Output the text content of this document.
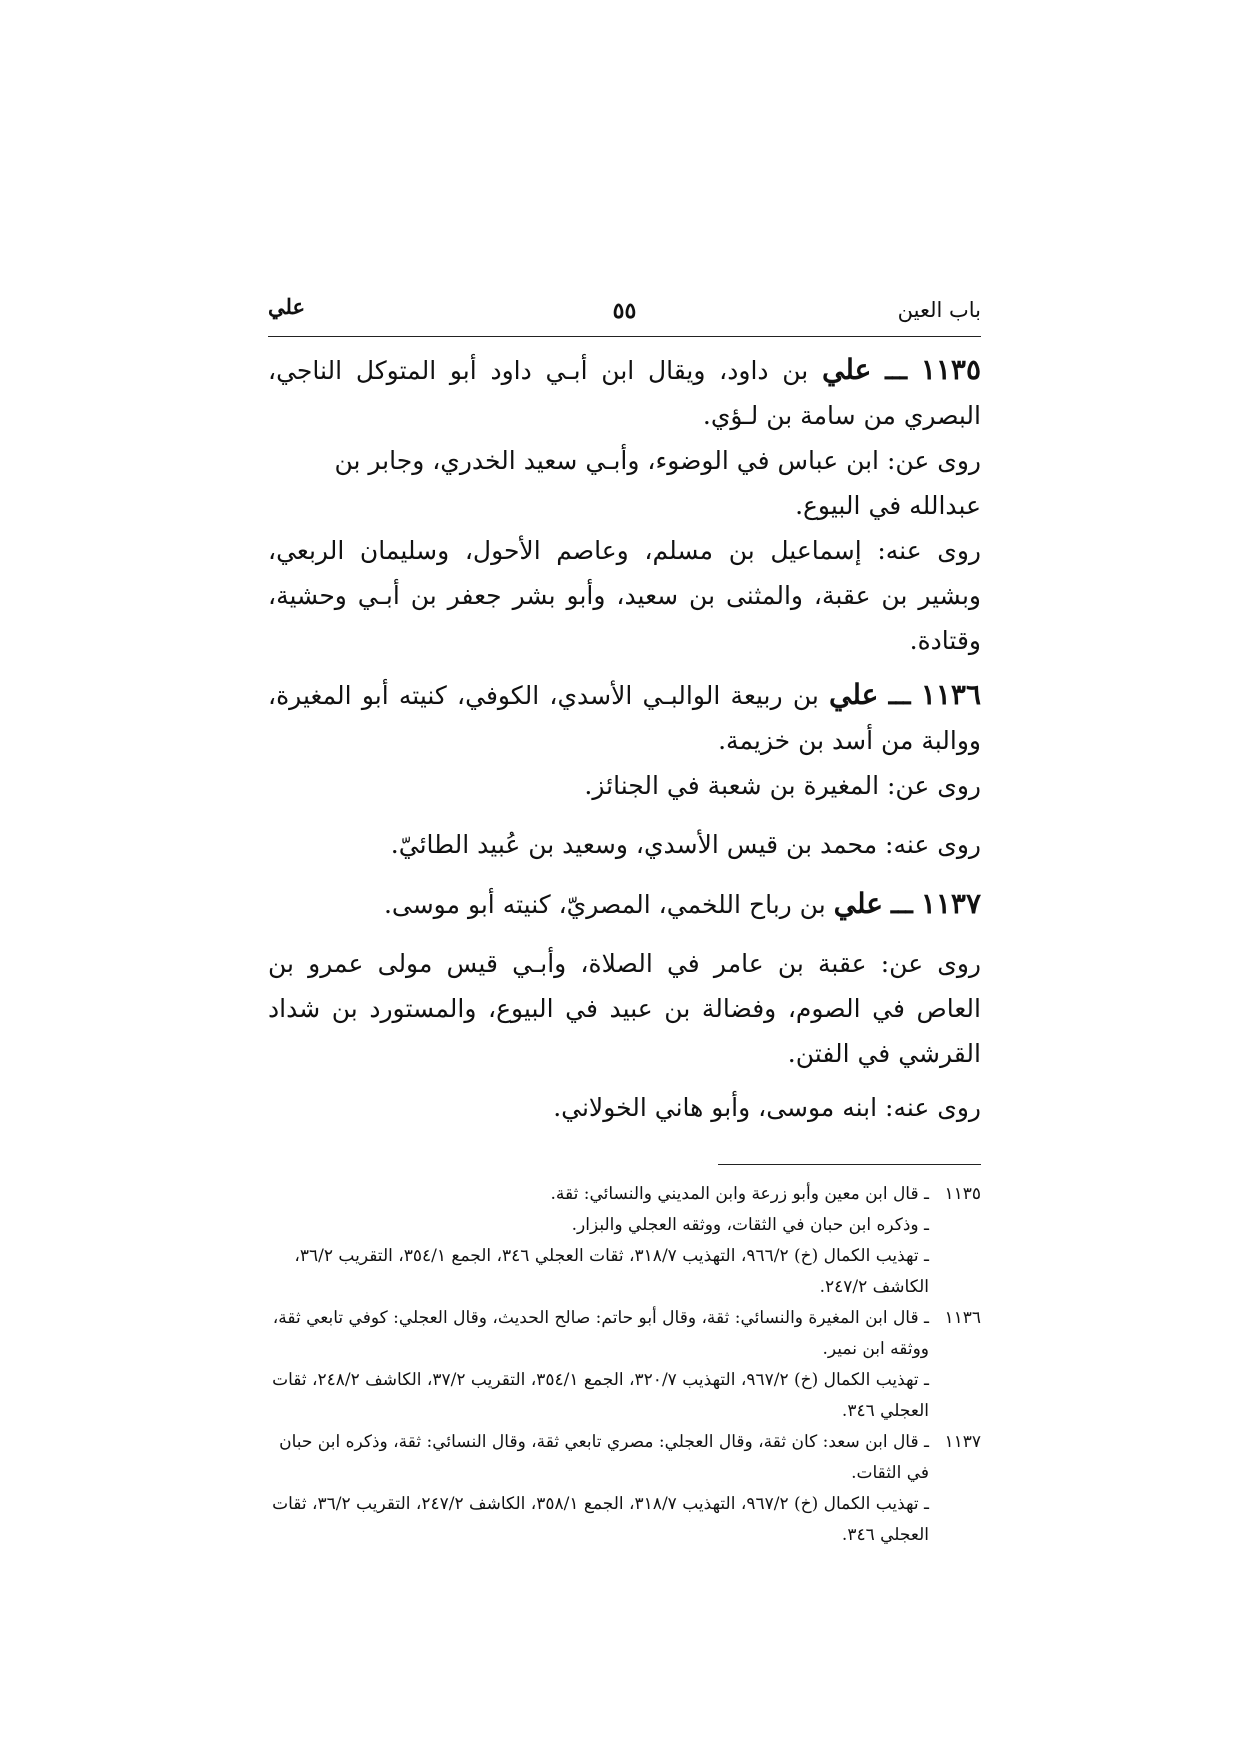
باب العين
٥٥
علي

١١٣٥ ـــ علي بن داود، ويقال ابن أبـي داود أبو المتوكل الناجي، البصري من سامة بن لـؤي.

روى عن: ابن عباس في الوضوء، وأبـي سعيد الخدري، وجابر بن عبدالله في البيوع.

روى عنه: إسماعيل بن مسلم، وعاصم الأحول، وسليمان الربعي، وبشير بن عقبة، والمثنى بن سعيد، وأبو بشر جعفر بن أبـي وحشية، وقتادة.

١١٣٦ ـــ علي بن ربيعة الوالبـي الأسدي، الكوفي، كنيته أبو المغيرة، ووالبة من أسد بن خزيمة.

روى عن: المغيرة بن شعبة في الجنائز.

روى عنه: محمد بن قيس الأسدي، وسعيد بن عُبيد الطائيّ.

١١٣٧ ـــ علي بن رباح اللخمي، المصريّ، كنيته أبو موسى.

روى عن: عقبة بن عامر في الصلاة، وأبـي قيس مولى عمرو بن العاص في الصوم، وفضالة بن عبيد في البيوع، والمستورد بن شداد القرشي في الفتن.

روى عنه: ابنه موسى، وأبو هاني الخولاني.

١١٣٥

ـ قال ابن معين وأبو زرعة وابن المديني والنسائي: ثقة.

ـ وذكره ابن حبان في الثقات، ووثقه العجلي والبزار.

ـ تهذيب الكمال (خ) ٩٦٦/٢، التهذيب ٣١٨/٧، ثقات العجلي ٣٤٦، الجمع ٣٥٤/١، التقريب ٣٦/٢، الكاشف ٢٤٧/٢.

١١٣٦

ـ قال ابن المغيرة والنسائي: ثقة، وقال أبو حاتم: صالح الحديث، وقال العجلي: كوفي تابعي ثقة، ووثقه ابن نمير.

ـ تهذيب الكمال (خ) ٩٦٧/٢، التهذيب ٣٢٠/٧، الجمع ٣٥٤/١، التقريب ٣٧/٢، الكاشف ٢٤٨/٢، ثقات العجلي ٣٤٦.

١١٣٧

ـ قال ابن سعد: كان ثقة، وقال العجلي: مصري تابعي ثقة، وقال النسائي: ثقة، وذكره ابن حبان في الثقات.

ـ تهذيب الكمال (خ) ٩٦٧/٢، التهذيب ٣١٨/٧، الجمع ٣٥٨/١، الكاشف ٢٤٧/٢، التقريب ٣٦/٢، ثقات العجلي ٣٤٦.
